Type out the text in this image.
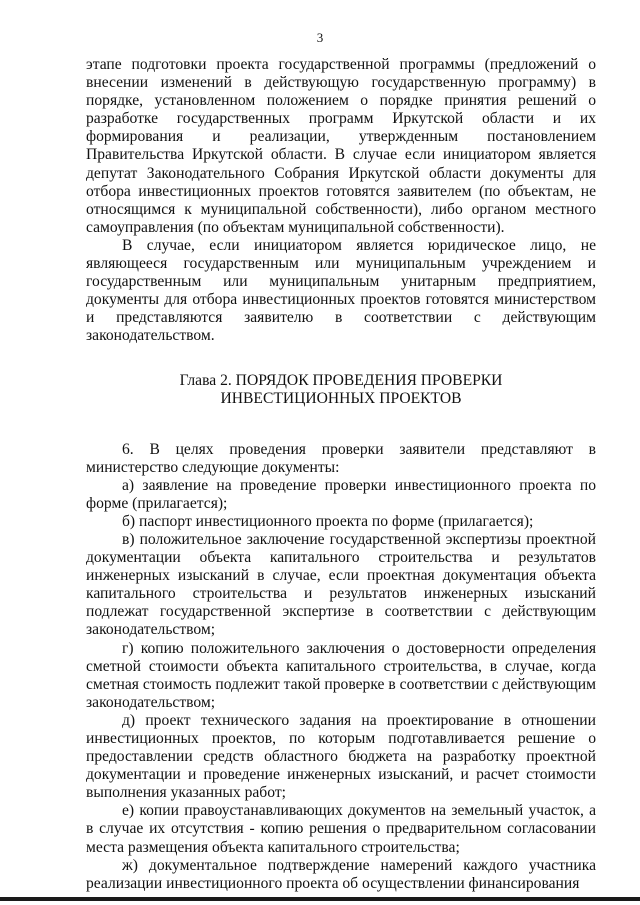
3

этапе подготовки проекта государственной программы (предложений о внесении изменений в действующую государственную программу) в порядке, установленном положением о порядке принятия решений о разработке государственных программ Иркутской области и их формирования и реализации, утвержденным постановлением Правительства Иркутской области. В случае если инициатором является депутат Законодательного Собрания Иркутской области документы для отбора инвестиционных проектов готовятся заявителем (по объектам, не относящимся к муниципальной собственности), либо органом местного самоуправления (по объектам муниципальной собственности).

В случае, если инициатором является юридическое лицо, не являющееся государственным или муниципальным учреждением и государственным или муниципальным унитарным предприятием, документы для отбора инвестиционных проектов готовятся министерством и представляются заявителю в соответствии с действующим законодательством.

Глава 2. ПОРЯДОК ПРОВЕДЕНИЯ ПРОВЕРКИ
ИНВЕСТИЦИОННЫХ ПРОЕКТОВ

6. В целях проведения проверки заявители представляют в министерство следующие документы:

а) заявление на проведение проверки инвестиционного проекта по форме (прилагается);

б) паспорт инвестиционного проекта по форме (прилагается);

в) положительное заключение государственной экспертизы проектной документации объекта капитального строительства и результатов инженерных изысканий в случае, если проектная документация объекта капитального строительства и результатов инженерных изысканий подлежат государственной экспертизе в соответствии с действующим законодательством;

г) копию положительного заключения о достоверности определения сметной стоимости объекта капитального строительства, в случае, когда сметная стоимость подлежит такой проверке в соответствии с действующим законодательством;

д) проект технического задания на проектирование в отношении инвестиционных проектов, по которым подготавливается решение о предоставлении средств областного бюджета на разработку проектной документации и проведение инженерных изысканий, и расчет стоимости выполнения указанных работ;

е) копии правоустанавливающих документов на земельный участок, а в случае их отсутствия - копию решения о предварительном согласовании места размещения объекта капитального строительства;

ж) документальное подтверждение намерений каждого участника реализации инвестиционного проекта об осуществлении финансирования
